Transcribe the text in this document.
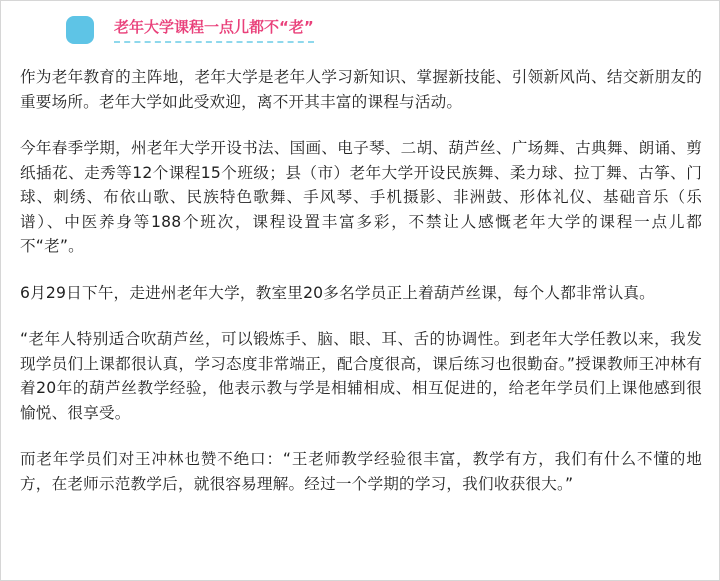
老年大学课程一点儿都不“老”

作为老年教育的主阵地，老年大学是老年人学习新知识、掌握新技能、引领新风尚、结交新朋友的重要场所。老年大学如此受欢迎，离不开其丰富的课程与活动。

今年春季学期，州老年大学开设书法、国画、电子琴、二胡、葫芦丝、广场舞、古典舞、朗诵、剪纸插花、走秀等12个课程15个班级；县（市）老年大学开设民族舞、柔力球、拉丁舞、古筝、门球、刺绣、布依山歌、民族特色歌舞、手风琴、手机摄影、非洲鼓、形体礼仪、基础音乐（乐谱）、中医养身等188个班次，课程设置丰富多彩，不禁让人感慨老年大学的课程一点儿都不“老”。

6月29日下午，走进州老年大学，教室里20多名学员正上着葫芦丝课，每个人都非常认真。

“老年人特别适合吹葫芦丝，可以锻炼手、脑、眼、耳、舌的协调性。到老年大学任教以来，我发现学员们上课都很认真，学习态度非常端正，配合度很高，课后练习也很勤奋。”授课教师王冲林有着20年的葫芦丝教学经验，他表示教与学是相辅相成、相互促进的，给老年学员们上课他感到很愉悦、很享受。

而老年学员们对王冲林也赞不绝口：“王老师教学经验很丰富，教学有方，我们有什么不懂的地方，在老师示范教学后，就很容易理解。经过一个学期的学习，我们收获很大。”
